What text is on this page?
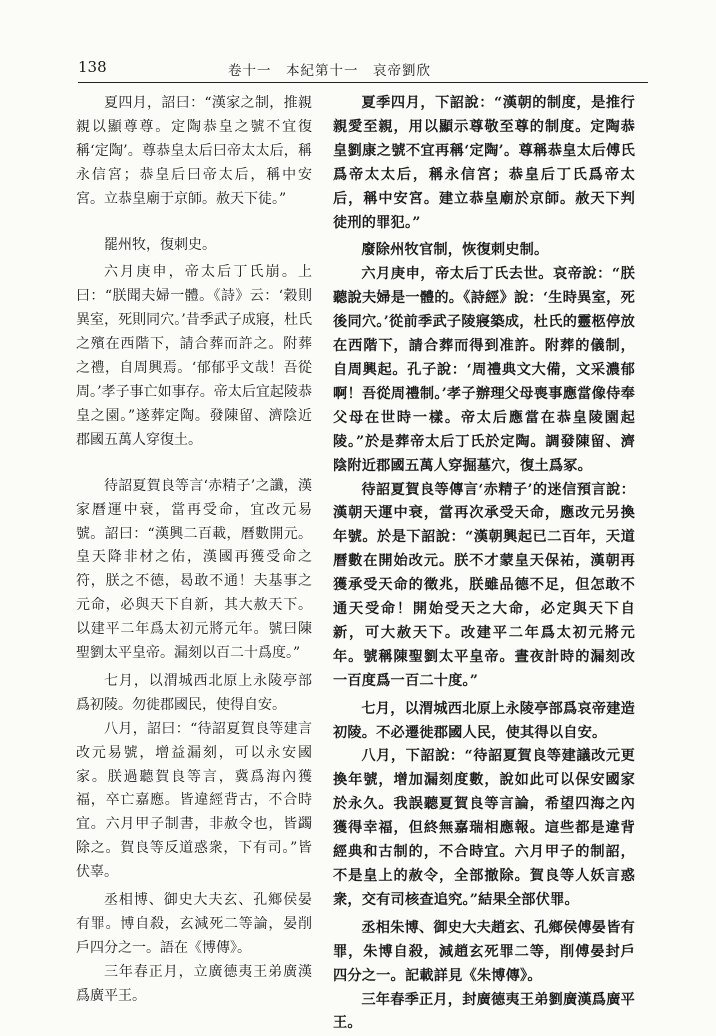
138	卷十一　本紀第十一　哀帝劉欣

夏四月，詔曰：“漢家之制，推親親以顯尊尊。定陶恭皇之號不宜復稱‘定陶’。尊恭皇太后曰帝太太后，稱永信宮；恭皇后曰帝太后，稱中安宮。立恭皇廟于京師。赦天下徒。”

罷州牧，復刺史。

六月庚申，帝太后丁氏崩。上曰：“朕聞夫婦一體。《詩》云：‘穀則異室，死則同穴。’昔季武子成寢，杜氏之殯在西階下，請合葬而許之。附葬之禮，自周興焉。‘郁郁乎文哉！吾從周。’孝子事亡如事存。帝太后宜起陵恭皇之園。”遂葬定陶。發陳留、濟陰近郡國五萬人穿復土。

待詔夏賀良等言‘赤精子’之讖，漢家曆運中衰，當再受命，宜改元易號。詔曰：“漢興二百載，曆數開元。皇天降非材之佑，漢國再獲受命之符，朕之不德，曷敢不通！夫基事之元命，必與天下自新，其大赦天下。以建平二年爲太初元將元年。號曰陳聖劉太平皇帝。漏刻以百二十爲度。”

七月，以渭城西北原上永陵亭部爲初陵。勿徙郡國民，使得自安。

八月，詔曰：“待詔夏賀良等建言改元易號，增益漏刻，可以永安國家。朕過聽賀良等言，冀爲海內獲福，卒亡嘉應。皆違經背古，不合時宜。六月甲子制書，非赦令也，皆蠲除之。賀良等反道惑衆，下有司。”皆伏辜。

丞相博、御史大夫玄、孔鄉侯晏有罪。博自殺，玄減死二等論，晏削戶四分之一。語在《博傳》。

三年春正月，立廣德夷王弟廣漢爲廣平王。

夏季四月，下詔說：“漢朝的制度，是推行親愛至親，用以顯示尊敬至尊的制度。定陶恭皇劉康之號不宜再稱‘定陶’。尊稱恭皇太后傅氏爲帝太太后，稱永信宮；恭皇后丁氏爲帝太后，稱中安宮。建立恭皇廟於京師。赦天下判徒刑的罪犯。”

廢除州牧官制，恢復刺史制。

六月庚申，帝太后丁氏去世。哀帝說：“朕聽說夫婦是一體的。《詩經》說：‘生時異室，死後同穴。’從前季武子陵寢築成，杜氏的靈柩停放在西階下，請合葬而得到准許。附葬的儀制，自周興起。孔子說：‘周禮典文大備，文采濃郁啊！吾從周禮制。’孝子辦理父母喪事應當像侍奉父母在世時一樣。帝太后應當在恭皇陵園起陵。”於是葬帝太后丁氏於定陶。調發陳留、濟陰附近郡國五萬人穿掘墓穴，復土爲冢。

待詔夏賀良等傳言‘赤精子’的迷信預言說：漢朝天運中衰，當再次承受天命，應改元另換年號。於是下詔說：“漢朝興起已二百年，天道曆數在開始改元。朕不才蒙皇天保祐，漢朝再獲承受天命的徵兆，朕雖品德不足，但怎敢不通天受命！開始受天之大命，必定與天下自新，可大赦天下。改建平二年爲太初元將元年。號稱陳聖劉太平皇帝。晝夜計時的漏刻改一百度爲一百二十度。”

七月，以渭城西北原上永陵亭部爲哀帝建造初陵。不必遷徙郡國人民，使其得以自安。

八月，下詔說：“待詔夏賀良等建議改元更換年號，增加漏刻度數，說如此可以保安國家於永久。我誤聽夏賀良等言論，希望四海之內獲得幸福，但終無嘉瑞相應報。這些都是違背經典和古制的，不合時宜。六月甲子的制詔，不是皇上的赦令，全部撤除。賀良等人妖言惑衆，交有司核查追究。”結果全部伏罪。

丞相朱博、御史大夫趙玄、孔鄉侯傅晏皆有罪，朱博自殺，減趙玄死罪二等，削傅晏封戶四分之一。記載詳見《朱博傳》。

三年春季正月，封廣德夷王弟劉廣漢爲廣平王。
